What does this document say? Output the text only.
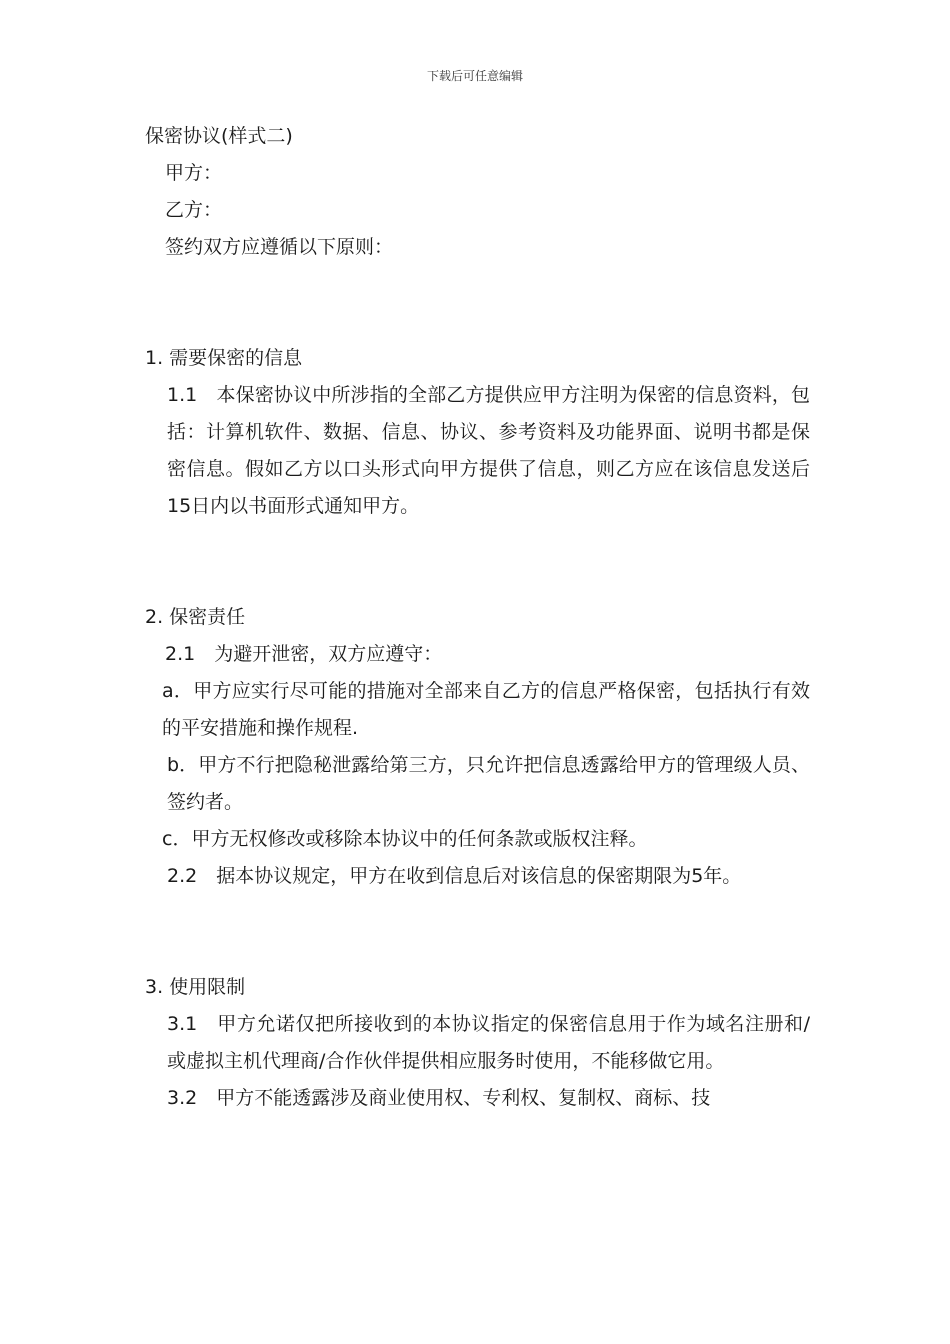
下载后可任意编辑

保密协议(样式二)

甲方：

乙方：

签约双方应遵循以下原则：

1. 需要保密的信息

1.1　本保密协议中所涉指的全部乙方提供应甲方注明为保密的信息资料，包括：计算机软件、数据、信息、协议、参考资料及功能界面、说明书都是保密信息。假如乙方以口头形式向甲方提供了信息，则乙方应在该信息发送后15日内以书面形式通知甲方。

2. 保密责任

2.1　为避开泄密，双方应遵守：

a．甲方应实行尽可能的措施对全部来自乙方的信息严格保密，包括执行有效的平安措施和操作规程.

b．甲方不行把隐秘泄露给第三方，只允许把信息透露给甲方的管理级人员、签约者。

c．甲方无权修改或移除本协议中的任何条款或版权注释。

2.2　据本协议规定，甲方在收到信息后对该信息的保密期限为5年。

3. 使用限制

3.1　甲方允诺仅把所接收到的本协议指定的保密信息用于作为域名注册和/或虚拟主机代理商/合作伙伴提供相应服务时使用，不能移做它用。

3.2　甲方不能透露涉及商业使用权、专利权、复制权、商标、技
